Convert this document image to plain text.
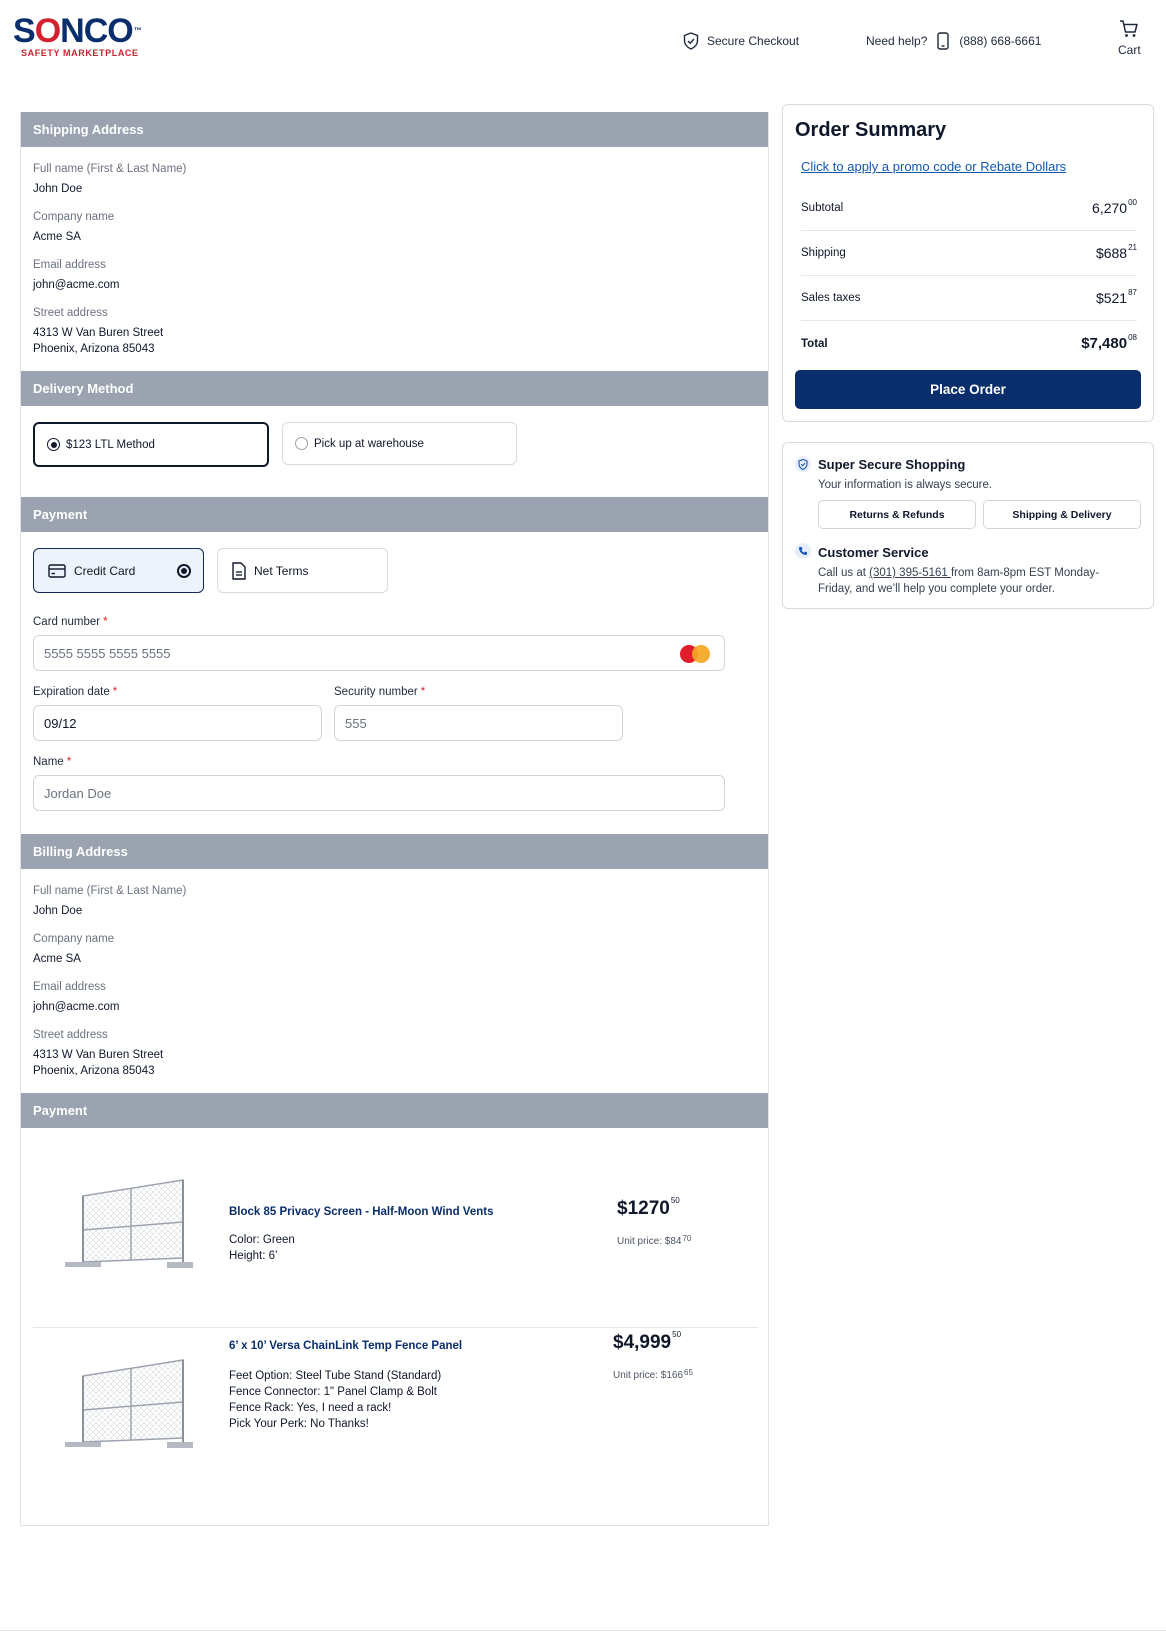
SONCO™
SAFETY MARKETPLACE
Secure Checkout	Need help?	(888) 668-6661
Cart
Shipping Address
Full name (First & Last Name)
John Doe
Company name
Acme SA
Email address
john@acme.com
Street address
4313 W Van Buren Street
Phoenix, Arizona 85043
Delivery Method
$123 LTL Method	Pick up at warehouse
Payment
Credit Card	Net Terms
Card number *
5555 5555 5555 5555
Expiration date *
09/12
Security number *
555
Name *
Jordan Doe
Billing Address
Full name (First & Last Name)
John Doe
Company name
Acme SA
Email address
john@acme.com
Street address
4313 W Van Buren Street
Phoenix, Arizona 85043
Payment
Block 85 Privacy Screen - Half-Moon Wind Vents
Color: Green
Height: 6’
$1270$^{50}$
Unit price: $\$84^{70}$
6’ x 10’ Versa ChainLink Temp Fence Panel
Feet Option: Steel Tube Stand (Standard)
Fence Connector: 1" Panel Clamp & Bolt
Fence Rack: Yes, I need a rack!
Pick Your Perk: No Thanks!
$4,999$^{50}$
Unit price: $\$166^{65}$
Order Summary
Click to apply a promo code or Rebate Dollars
Subtotal	6,270$^{00}$
Shipping	$\$688^{21}$
Sales taxes	$\$521^{87}$
Total	$7,480$^{08}$
Place Order
Super Secure Shopping
Your information is always secure.
Returns & Refunds	Shipping & Delivery
Customer Service
Call us at (301) 395-5161 from 8am-8pm EST Monday-
Friday, and we’ll help you complete your order.
